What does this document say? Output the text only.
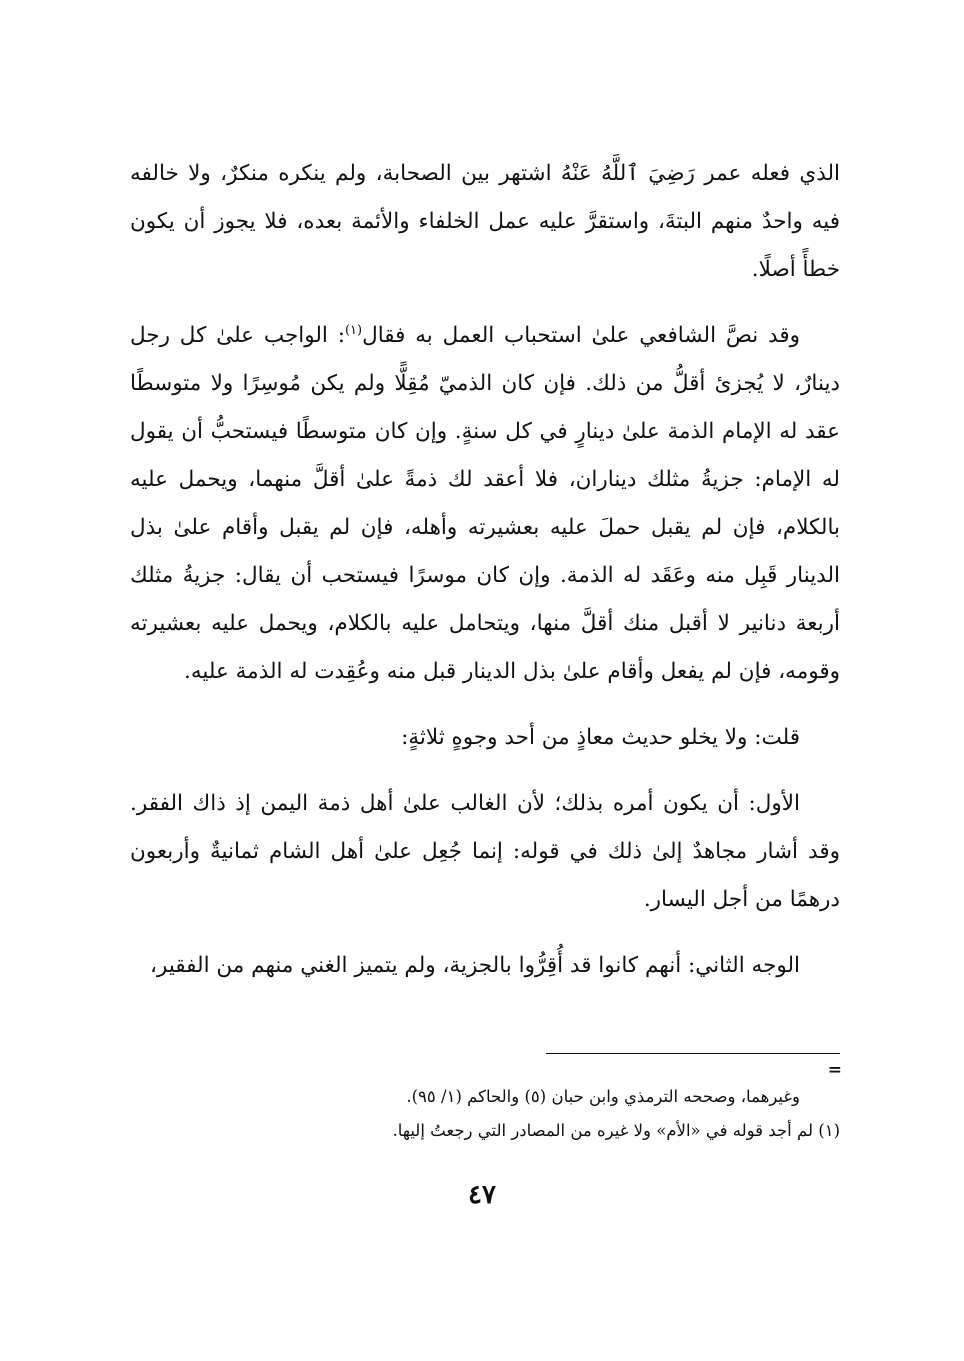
الذي فعله عمر رَضِيَ ٱللَّهُ عَنْهُ اشتهر بين الصحابة، ولم ينكره منكرٌ، ولا خالفه فيه واحدٌ منهم البتةَ، واستقرَّ عليه عمل الخلفاء والأئمة بعده، فلا يجوز أن يكون خطأً أصلًا.

وقد نصَّ الشافعي علىٰ استحباب العمل به فقال$^{(١)}$: الواجب علىٰ كل رجل دينارٌ، لا يُجزئ أقلُّ من ذلك. فإن كان الذميّ مُقِلًّا ولم يكن مُوسِرًا ولا متوسطًا عقد له الإمام الذمة علىٰ دينارٍ في كل سنةٍ. وإن كان متوسطًا فيستحبُّ أن يقول له الإمام: جزيةُ مثلك ديناران، فلا أعقد لك ذمةً علىٰ أقلَّ منهما، ويحمل عليه بالكلام، فإن لم يقبل حملَ عليه بعشيرته وأهله، فإن لم يقبل وأقام علىٰ بذل الدينار قَبِل منه وعَقَد له الذمة. وإن كان موسرًا فيستحب أن يقال: جزيةُ مثلك أربعة دنانير لا أقبل منك أقلَّ منها، ويتحامل عليه بالكلام، ويحمل عليه بعشيرته وقومه، فإن لم يفعل وأقام علىٰ بذل الدينار قبل منه وعُقِدت له الذمة عليه.

قلت: ولا يخلو حديث معاذٍ من أحد وجوهٍ ثلاثةٍ:

الأول: أن يكون أمره بذلك؛ لأن الغالب علىٰ أهل ذمة اليمن إذ ذاك الفقر. وقد أشار مجاهدٌ إلىٰ ذلك في قوله: إنما جُعِل علىٰ أهل الشام ثمانيةٌ وأربعون درهمًا من أجل اليسار.

الوجه الثاني: أنهم كانوا قد أُقِرُّوا بالجزية، ولم يتميز الغني منهم من الفقير،

=

وغيرهما، وصححه الترمذي وابن حبان (٥) والحاكم (١/ ٩٥).

(١) لم أجد قوله في «الأم» ولا غيره من المصادر التي رجعتُ إليها.

٤٧
